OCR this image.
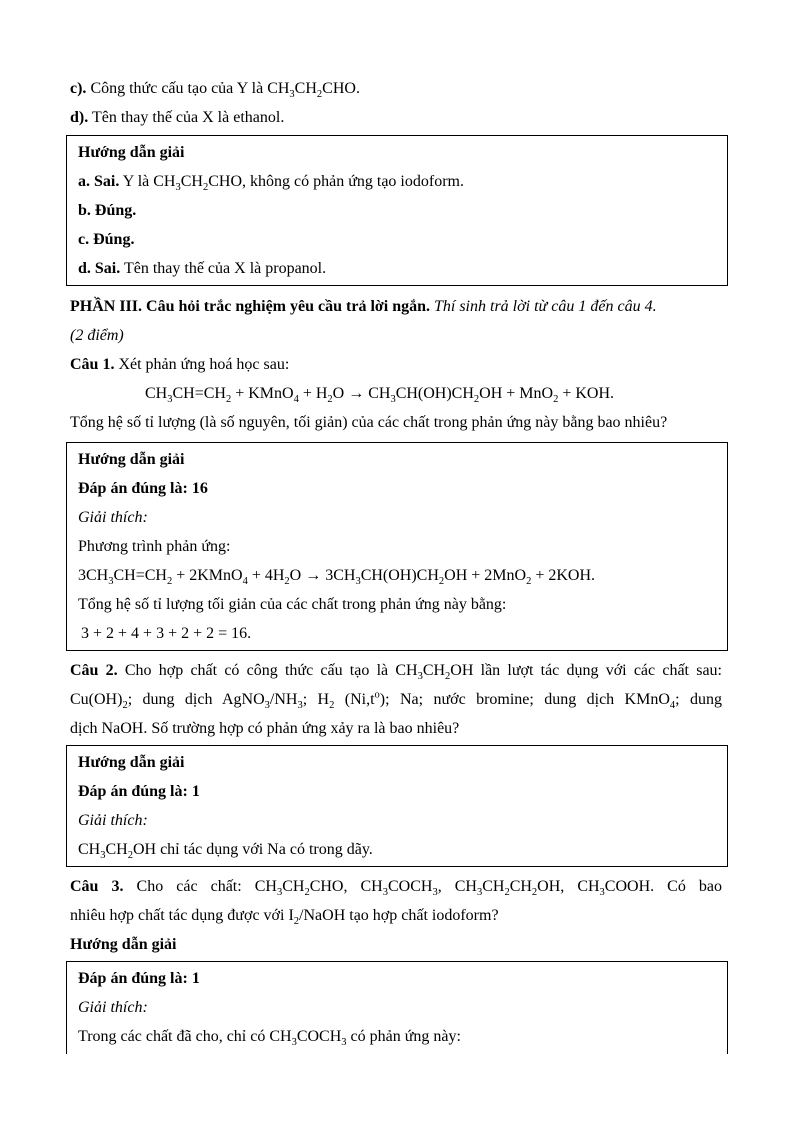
c). Công thức cấu tạo của Y là $CH_3CH_2CHO$.
d). Tên thay thế của X là ethanol.
Hướng dẫn giải
a. Sai. Y là $CH_3CH_2CHO$, không có phản ứng tạo iodoform.
b. Đúng.
c. Đúng.
d. Sai. Tên thay thế của X là propanol.
PHẦN III. Câu hỏi trắc nghiệm yêu cầu trả lời ngắn. Thí sinh trả lời từ câu 1 đến câu 4.
(2 điểm)
Câu 1. Xét phản ứng hoá học sau:
$CH_3CH=CH_2$ + KMnO$_4$ + $H_2O \to CH_3CH(OH)CH_2OH + MnO_2$ + KOH.
Tổng hệ số tỉ lượng (là số nguyên, tối giản) của các chất trong phản ứng này bằng bao nhiêu?
Hướng dẫn giải
Đáp án đúng là: 16
Giải thích:
Phương trình phản ứng:
$3CH_3CH=CH_2$ + 2KMnO$_4$ + $4H_2O \to 3CH_3CH(OH)CH_2OH + 2MnO_2 + 2KOH$.
Tổng hệ số tỉ lượng tối giản của các chất trong phản ứng này bằng:
3 + 2 + 4 + 3 + 2 + 2 = 16.
Câu 2. Cho hợp chất có công thức cấu tạo là $CH_3CH_2OH$ lần lượt tác dụng với các chất sau:
$Cu(OH)_2$; dung dịch $AgNO_3/NH_3$; $H_2$ $(Ni,t^o)$; Na; nước bromine; dung dịch KMnO$_4$; dung
dịch NaOH. Số trường hợp có phản ứng xảy ra là bao nhiêu?
Hướng dẫn giải
Đáp án đúng là: 1
Giải thích:
$CH_3CH_2OH$ chỉ tác dụng với Na có trong dãy.
Câu 3. Cho các chất: $CH_3CH_2CHO$, $CH_3COCH_3$, $CH_3CH_2CH_2OH$, $CH_3COOH$. Có bao
nhiêu hợp chất tác dụng được với $I_2$/NaOH tạo hợp chất iodoform?
Hướng dẫn giải
Đáp án đúng là: 1
Giải thích:
Trong các chất đã cho, chỉ có $CH_3COCH_3$ có phản ứng này:
